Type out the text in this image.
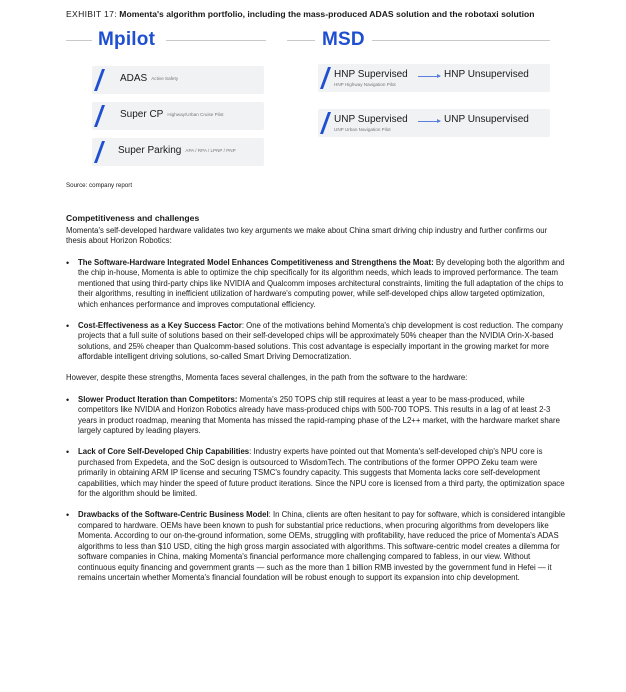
EXHIBIT 17: Momenta's algorithm portfolio, including the mass-produced ADAS solution and the robotaxi solution
Mpilot
ADAS Active Safety
Super CP Highway/Urban Cruise Pilot
Super Parking APA / RPA / LPNP / PNP
MSD
HNP Supervised
HNP Highway Navigation Pilot
HNP Unsupervised
UNP Supervised
UNP Urban Navigation Pilot
UNP Unsupervised
Source: company report
Competitiveness and challenges

Momenta's self-developed hardware validates two key arguments we make about China smart driving chip industry and further confirms our thesis about Horizon Robotics:

• The Software-Hardware Integrated Model Enhances Competitiveness and Strengthens the Moat: By developing both the algorithm and the chip in-house, Momenta is able to optimize the chip specifically for its algorithm needs, which leads to improved performance. The team mentioned that using third-party chips like NVIDIA and Qualcomm imposes architectural constraints, limiting the full adaptation of the chips to their algorithms, resulting in inefficient utilization of hardware's computing power, while self-developed chips allow targeted optimization, which enhances performance and improves computational efficiency.
• Cost-Effectiveness as a Key Success Factor: One of the motivations behind Momenta's chip development is cost reduction. The company projects that a full suite of solutions based on their self-developed chips will be approximately 50% cheaper than the NVIDIA Orin-X-based solutions, and 25% cheaper than Qualcomm-based solutions. This cost advantage is especially important in the growing market for more affordable intelligent driving solutions, so-called Smart Driving Democratization.

However, despite these strengths, Momenta faces several challenges, in the path from the software to the hardware:

• Slower Product Iteration than Competitors: Momenta's 250 TOPS chip still requires at least a year to be mass-produced, while competitors like NVIDIA and Horizon Robotics already have mass-produced chips with 500-700 TOPS. This results in a lag of at least 2-3 years in product roadmap, meaning that Momenta has missed the rapid-ramping phase of the L2++ market, with the hardware market share largely captured by leading players.
• Lack of Core Self-Developed Chip Capabilities: Industry experts have pointed out that Momenta's self-developed chip's NPU core is purchased from Expedeta, and the SoC design is outsourced to WisdomTech. The contributions of the former OPPO Zeku team were primarily in obtaining ARM IP license and securing TSMC's foundry capacity. This suggests that Momenta lacks core self-development capabilities, which may hinder the speed of future product iterations. Since the NPU core is licensed from a third party, the optimization space for the algorithm should be limited.
• Drawbacks of the Software-Centric Business Model: In China, clients are often hesitant to pay for software, which is considered intangible compared to hardware. OEMs have been known to push for substantial price reductions, when procuring algorithms from developers like Momenta. According to our on-the-ground information, some OEMs, struggling with profitability, have reduced the price of Momenta's ADAS algorithms to less than $10 USD, citing the high gross margin associated with algorithms. This software-centric model creates a dilemma for software companies in China, making Momenta's financial performance more challenging compared to fabless, in our view. Without continuous equity financing and government grants — such as the more than 1 billion RMB invested by the government fund in Hefei — it remains uncertain whether Momenta's financial foundation will be robust enough to support its expansion into chip development.
